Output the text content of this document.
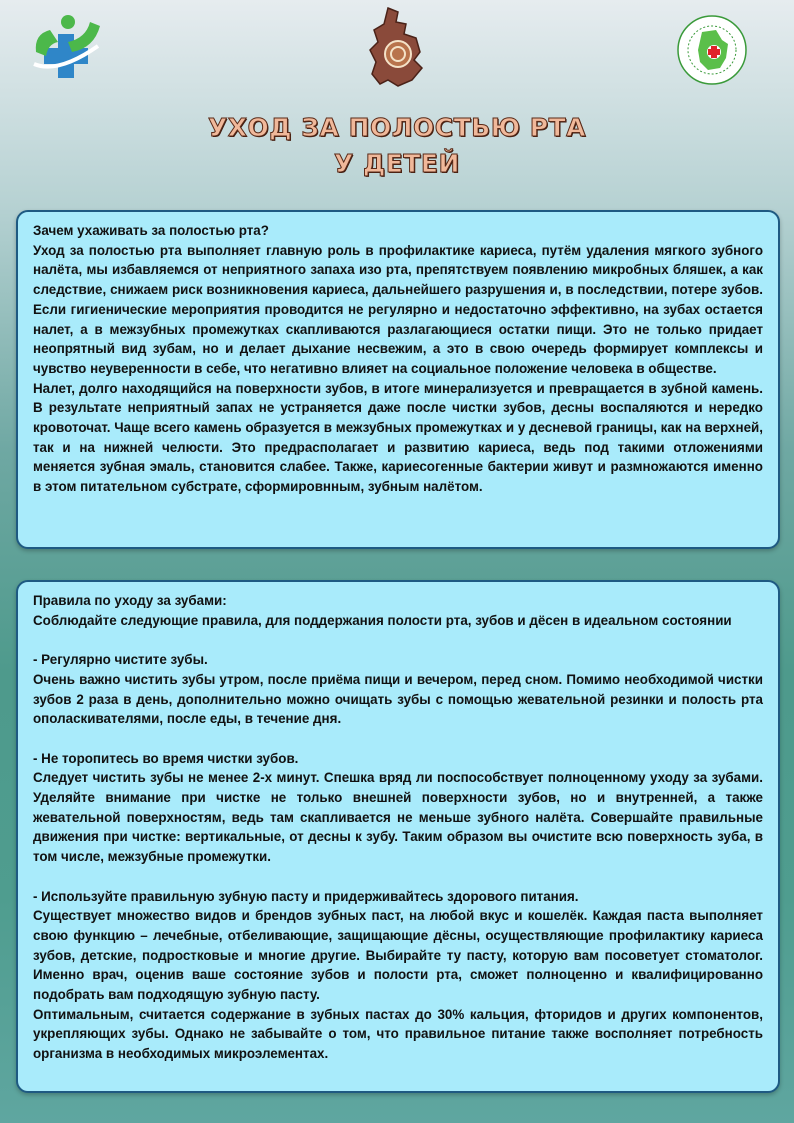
УХОД ЗА ПОЛОСТЬЮ РТА
У ДЕТЕЙ

Зачем ухаживать за полостью рта?

Уход за полостью рта выполняет главную роль в профилактике кариеса, путём удаления мягкого зубного налёта, мы избавляемся от неприятного запаха изо рта, препятствуем появлению микробных бляшек, а как следствие, снижаем риск возникновения кариеса, дальнейшего разрушения и, в последствии, потере зубов. Если гигиенические мероприятия проводится не регулярно и недостаточно эффективно, на зубах остается налет, а в межзубных промежутках скапливаются разлагающиеся остатки пищи. Это не только придает неопрятный вид зубам, но и делает дыхание несвежим, а это в свою очередь формирует комплексы и чувство неуверенности в себе, что негативно влияет на социальное положение человека в обществе.

Налет, долго находящийся на поверхности зубов, в итоге минерализуется и превращается в зубной камень. В результате неприятный запах не устраняется даже после чистки зубов, десны воспаляются и нередко кровоточат. Чаще всего камень образуется в межзубных промежутках и у десневой границы, как на верхней, так и на нижней челюсти. Это предрасполагает и развитию кариеса, ведь под такими отложениями меняется зубная эмаль, становится слабее. Также, кариесогенные бактерии живут и размножаются именно в этом питательном субстрате, сформировнным, зубным налётом.

Правила по уходу за зубами:

Соблюдайте следующие правила, для поддержания полости рта, зубов и дёсен в идеальном состоянии

- Регулярно чистите зубы.

Очень важно чистить зубы утром, после приёма пищи и вечером, перед сном. Помимо необходимой чистки зубов 2 раза в день, дополнительно можно очищать зубы с помощью жевательной резинки и полость рта ополаскивателями, после еды, в течение дня.

- Не торопитесь во время чистки зубов.

Следует чистить зубы не менее 2-х минут. Спешка вряд ли поспособствует полноценному уходу за зубами. Уделяйте внимание при чистке не только внешней поверхности зубов, но и внутренней, а также жевательной поверхностям, ведь там скапливается не меньше зубного налёта. Совершайте правильные движения при чистке: вертикальные, от десны к зубу. Таким образом вы очистите всю поверхность зуба, в том числе, межзубные промежутки.

- Используйте правильную зубную пасту и придерживайтесь здорового питания.

Существует множество видов и брендов зубных паст, на любой вкус и кошелёк. Каждая паста выполняет свою функцию – лечебные, отбеливающие, защищающие дёсны, осуществляющие профилактику кариеса зубов, детские, подростковые и многие другие. Выбирайте ту пасту, которую вам посоветует стоматолог. Именно врач, оценив ваше состояние зубов и полости рта, сможет полноценно и квалифицированно подобрать вам подходящую зубную пасту.

Оптимальным, считается содержание в зубных пастах до 30% кальция, фторидов и других компонентов, укрепляющих зубы. Однако не забывайте о том, что правильное питание также восполняет потребность организма в необходимых микроэлементах.
